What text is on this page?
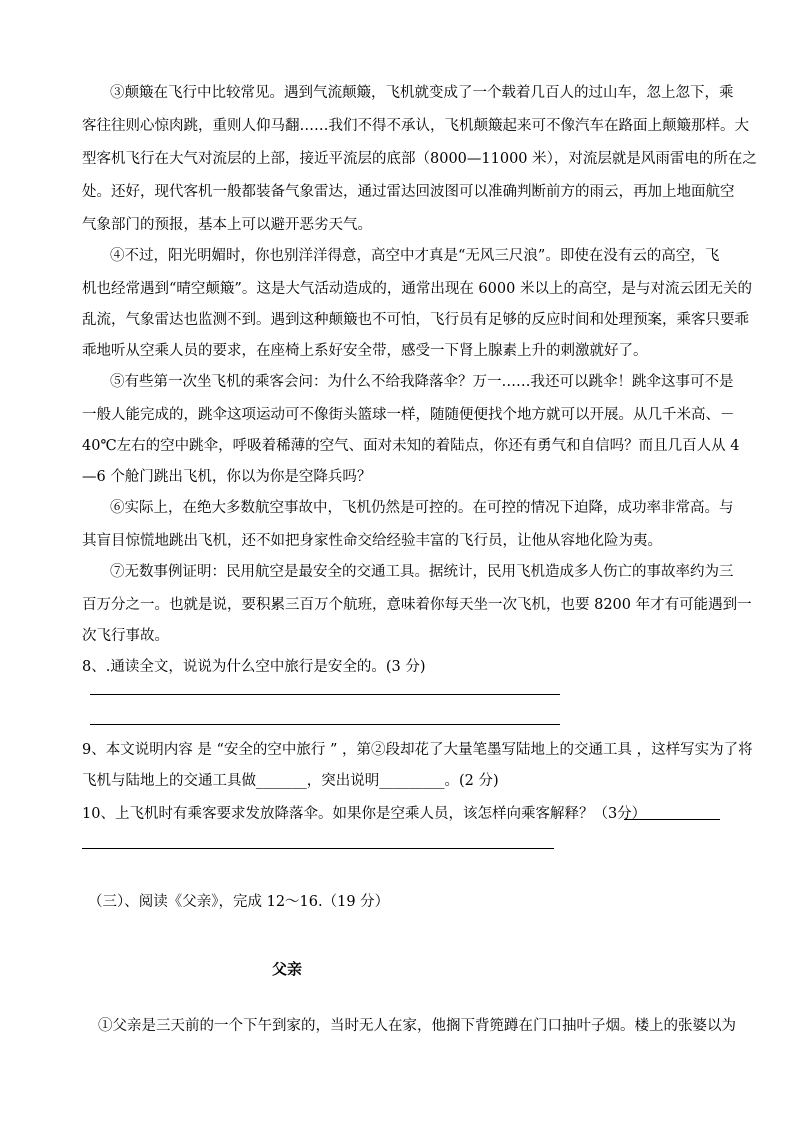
③颠簸在飞行中比较常见。遇到气流颠簸，飞机就变成了一个载着几百人的过山车，忽上忽下，乘

客往往则心惊肉跳，重则人仰马翻……我们不得不承认，飞机颠簸起来可不像汽车在路面上颠簸那样。大

型客机飞行在大气对流层的上部，接近平流层的底部（8000—11000 米），对流层就是风雨雷电的所在之

处。还好，现代客机一般都装备气象雷达，通过雷达回波图可以准确判断前方的雨云，再加上地面航空

气象部门的预报，基本上可以避开恶劣天气。

④不过，阳光明媚时，你也别洋洋得意，高空中才真是“无风三尺浪”。即使在没有云的高空，飞

机也经常遇到“晴空颠簸”。这是大气活动造成的，通常出现在 6000 米以上的高空，是与对流云团无关的

乱流，气象雷达也监测不到。遇到这种颠簸也不可怕，飞行员有足够的反应时间和处理预案，乘客只要乖

乖地听从空乘人员的要求，在座椅上系好安全带，感受一下肾上腺素上升的刺激就好了。

⑤有些第一次坐飞机的乘客会问：为什么不给我降落伞？万一……我还可以跳伞！跳伞这事可不是

一般人能完成的，跳伞这项运动可不像街头篮球一样，随随便便找个地方就可以开展。从几千米高、－

40℃左右的空中跳伞，呼吸着稀薄的空气、面对未知的着陆点，你还有勇气和自信吗？而且几百人从 4

—6 个舱门跳出飞机，你以为你是空降兵吗？

⑥实际上，在绝大多数航空事故中，飞机仍然是可控的。在可控的情况下迫降，成功率非常高。与

其盲目惊慌地跳出飞机，还不如把身家性命交给经验丰富的飞行员，让他从容地化险为夷。

⑦无数事例证明：民用航空是最安全的交通工具。据统计，民用飞机造成多人伤亡的事故率约为三

百万分之一。也就是说，要积累三百万个航班，意味着你每天坐一次飞机，也要 8200 年才有可能遇到一

次飞行事故。

8、.通读全文，说说为什么空中旅行是安全的。(3 分)

9、本文说明内容 是 “安全的空中旅行 ” ，第②段却花了大量笔墨写陆地上的交通工具 ，这样写实为了将

飞机与陆地上的交通工具做_______，突出说明_________。(2 分)

10、上飞机时有乘客要求发放降落伞。如果你是空乘人员，该怎样向乘客解释？（3分）

（三）、阅读《父亲》，完成 12～16.（19 分）

父亲

①父亲是三天前的一个下午到家的，当时无人在家，他搁下背篼蹲在门口抽叶子烟。楼上的张婆以为
